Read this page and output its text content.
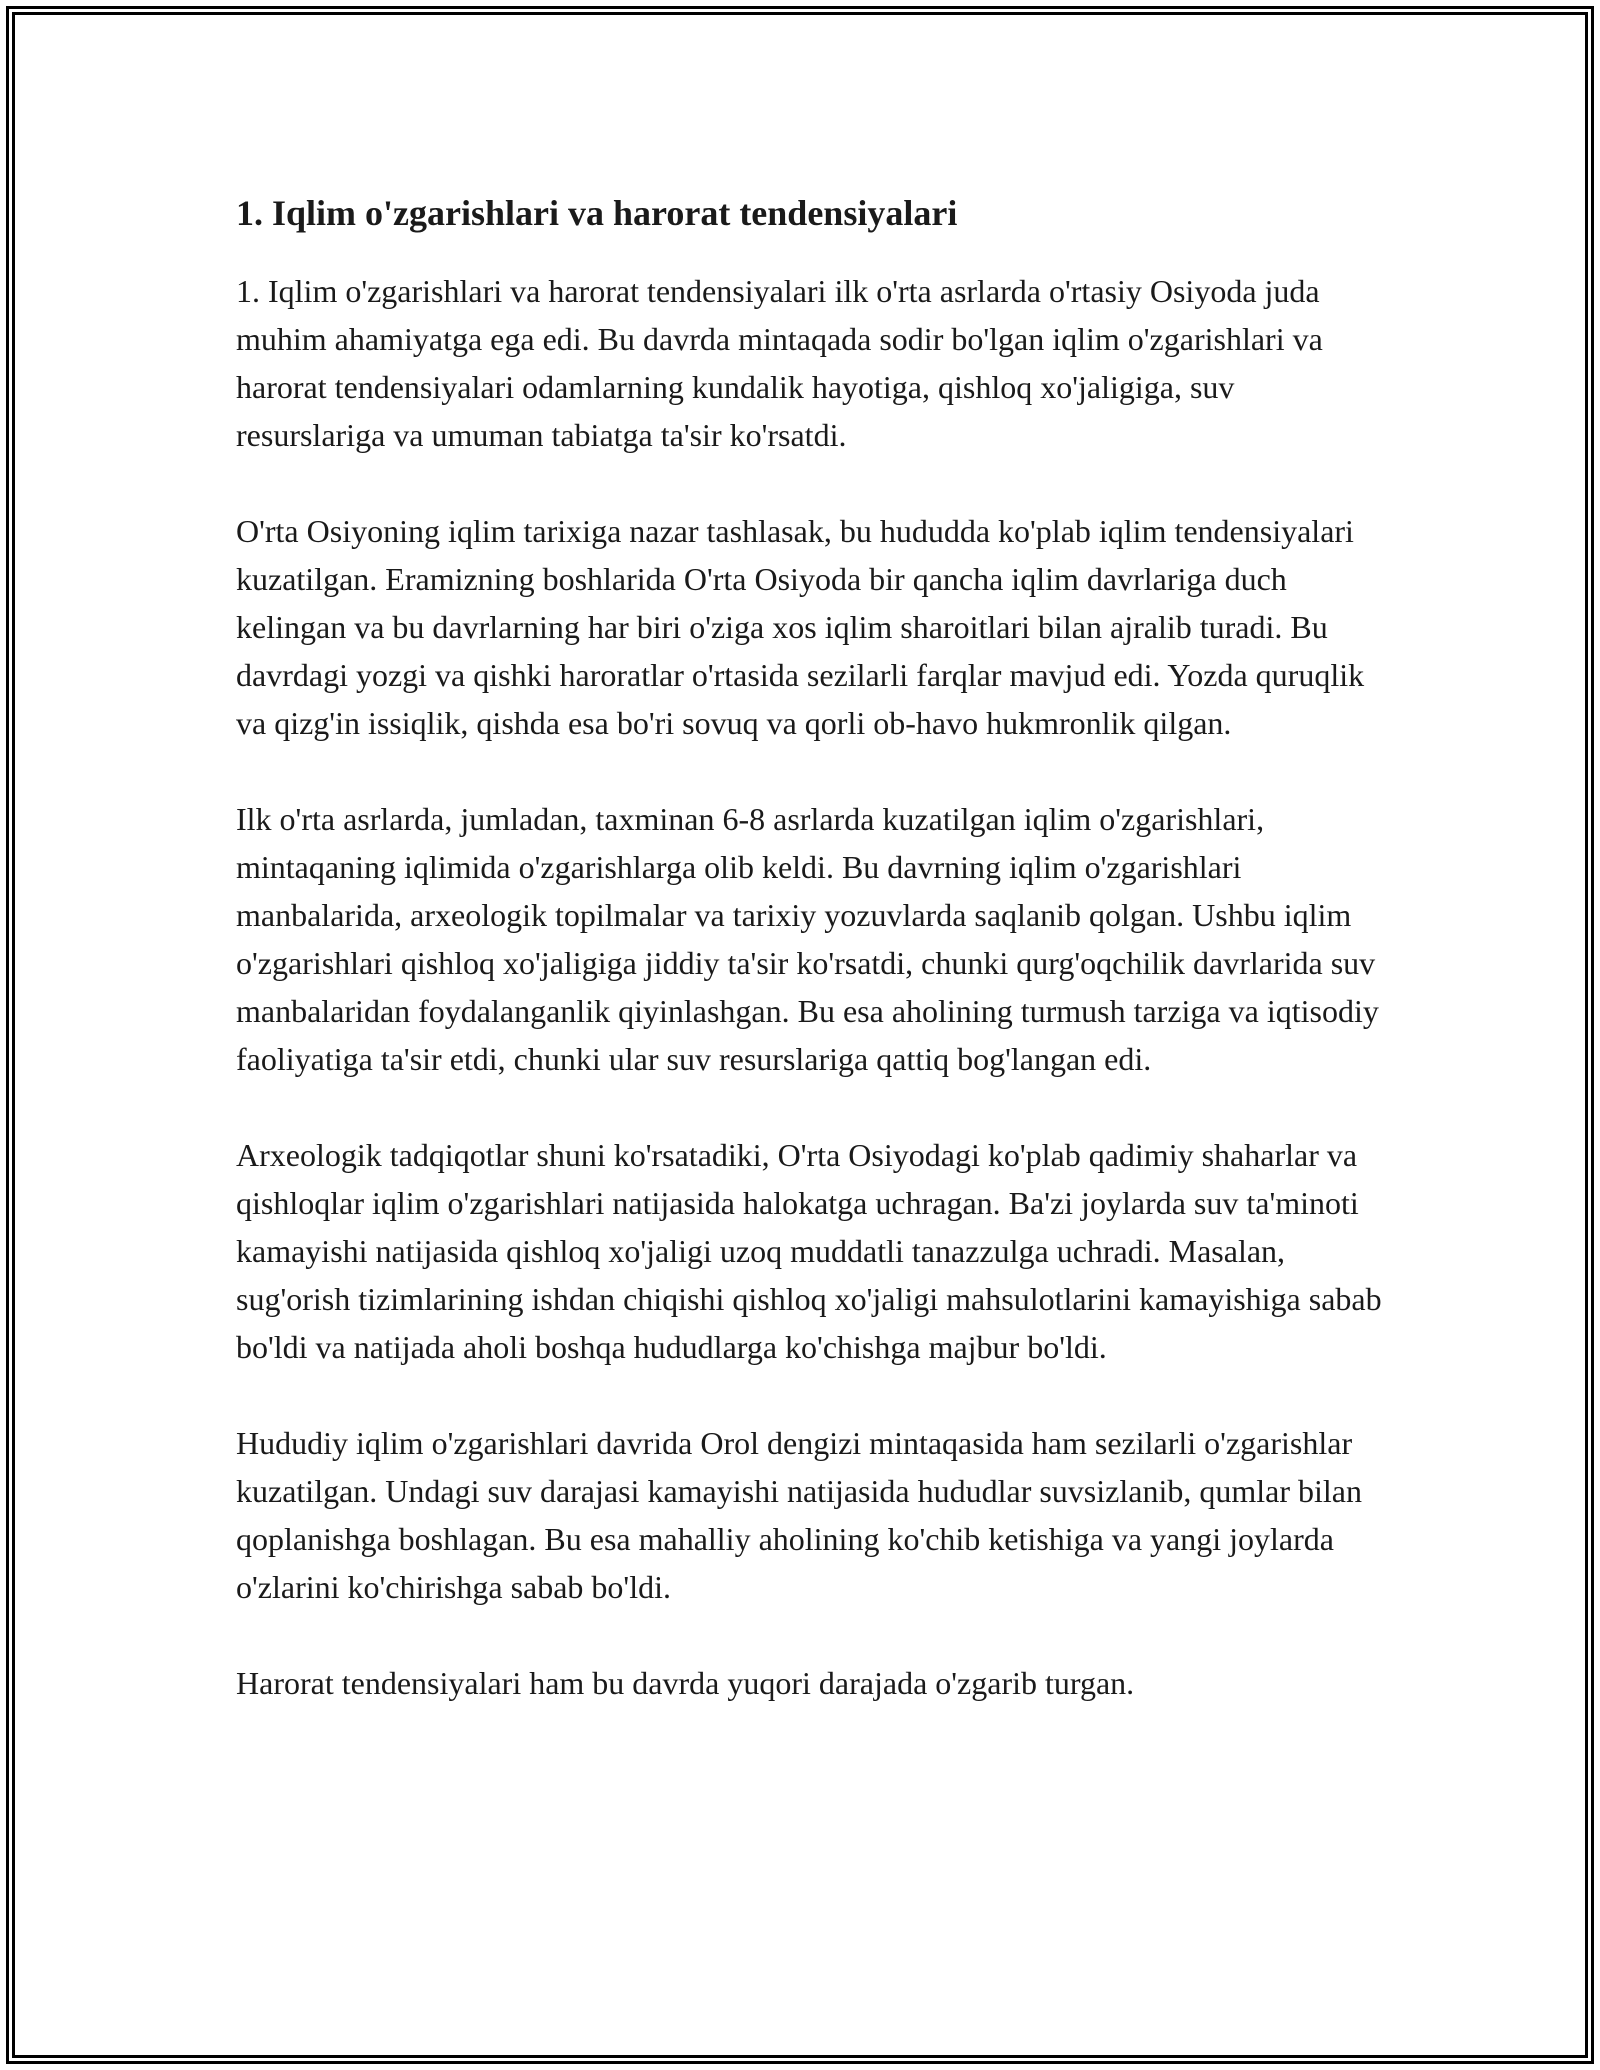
1. Iqlim o'zgarishlari va harorat tendensiyalari

1. Iqlim o'zgarishlari va harorat tendensiyalari ilk o'rta asrlarda o'rtasiy Osiyoda juda muhim ahamiyatga ega edi. Bu davrda mintaqada sodir bo'lgan iqlim o'zgarishlari va harorat tendensiyalari odamlarning kundalik hayotiga, qishloq xo'jaligiga, suv resurslariga va umuman tabiatga ta'sir ko'rsatdi.

O'rta Osiyoning iqlim tarixiga nazar tashlasak, bu hududda ko'plab iqlim tendensiyalari kuzatilgan. Eramizning boshlarida O'rta Osiyoda bir qancha iqlim davrlariga duch kelingan va bu davrlarning har biri o'ziga xos iqlim sharoitlari bilan ajralib turadi. Bu davrdagi yozgi va qishki haroratlar o'rtasida sezilarli farqlar mavjud edi. Yozda quruqlik va qizg'in issiqlik, qishda esa bo'ri sovuq va qorli ob-havo hukmronlik qilgan.

Ilk o'rta asrlarda, jumladan, taxminan 6-8 asrlarda kuzatilgan iqlim o'zgarishlari, mintaqaning iqlimida o'zgarishlarga olib keldi. Bu davrning iqlim o'zgarishlari manbalarida, arxeologik topilmalar va tarixiy yozuvlarda saqlanib qolgan. Ushbu iqlim o'zgarishlari qishloq xo'jaligiga jiddiy ta'sir ko'rsatdi, chunki qurg'oqchilik davrlarida suv manbalaridan foydalanganlik qiyinlashgan. Bu esa aholining turmush tarziga va iqtisodiy faoliyatiga ta'sir etdi, chunki ular suv resurslariga qattiq bog'langan edi.

Arxeologik tadqiqotlar shuni ko'rsatadiki, O'rta Osiyodagi ko'plab qadimiy shaharlar va qishloqlar iqlim o'zgarishlari natijasida halokatga uchragan. Ba'zi joylarda suv ta'minoti kamayishi natijasida qishloq xo'jaligi uzoq muddatli tanazzulga uchradi. Masalan, sug'orish tizimlarining ishdan chiqishi qishloq xo'jaligi mahsulotlarini kamayishiga sabab bo'ldi va natijada aholi boshqa hududlarga ko'chishga majbur bo'ldi.

Hududiy iqlim o'zgarishlari davrida Orol dengizi mintaqasida ham sezilarli o'zgarishlar kuzatilgan. Undagi suv darajasi kamayishi natijasida hududlar suvsizlanib, qumlar bilan qoplanishga boshlagan. Bu esa mahalliy aholining ko'chib ketishiga va yangi joylarda o'zlarini ko'chirishga sabab bo'ldi.

Harorat tendensiyalari ham bu davrda yuqori darajada o'zgarib turgan.
